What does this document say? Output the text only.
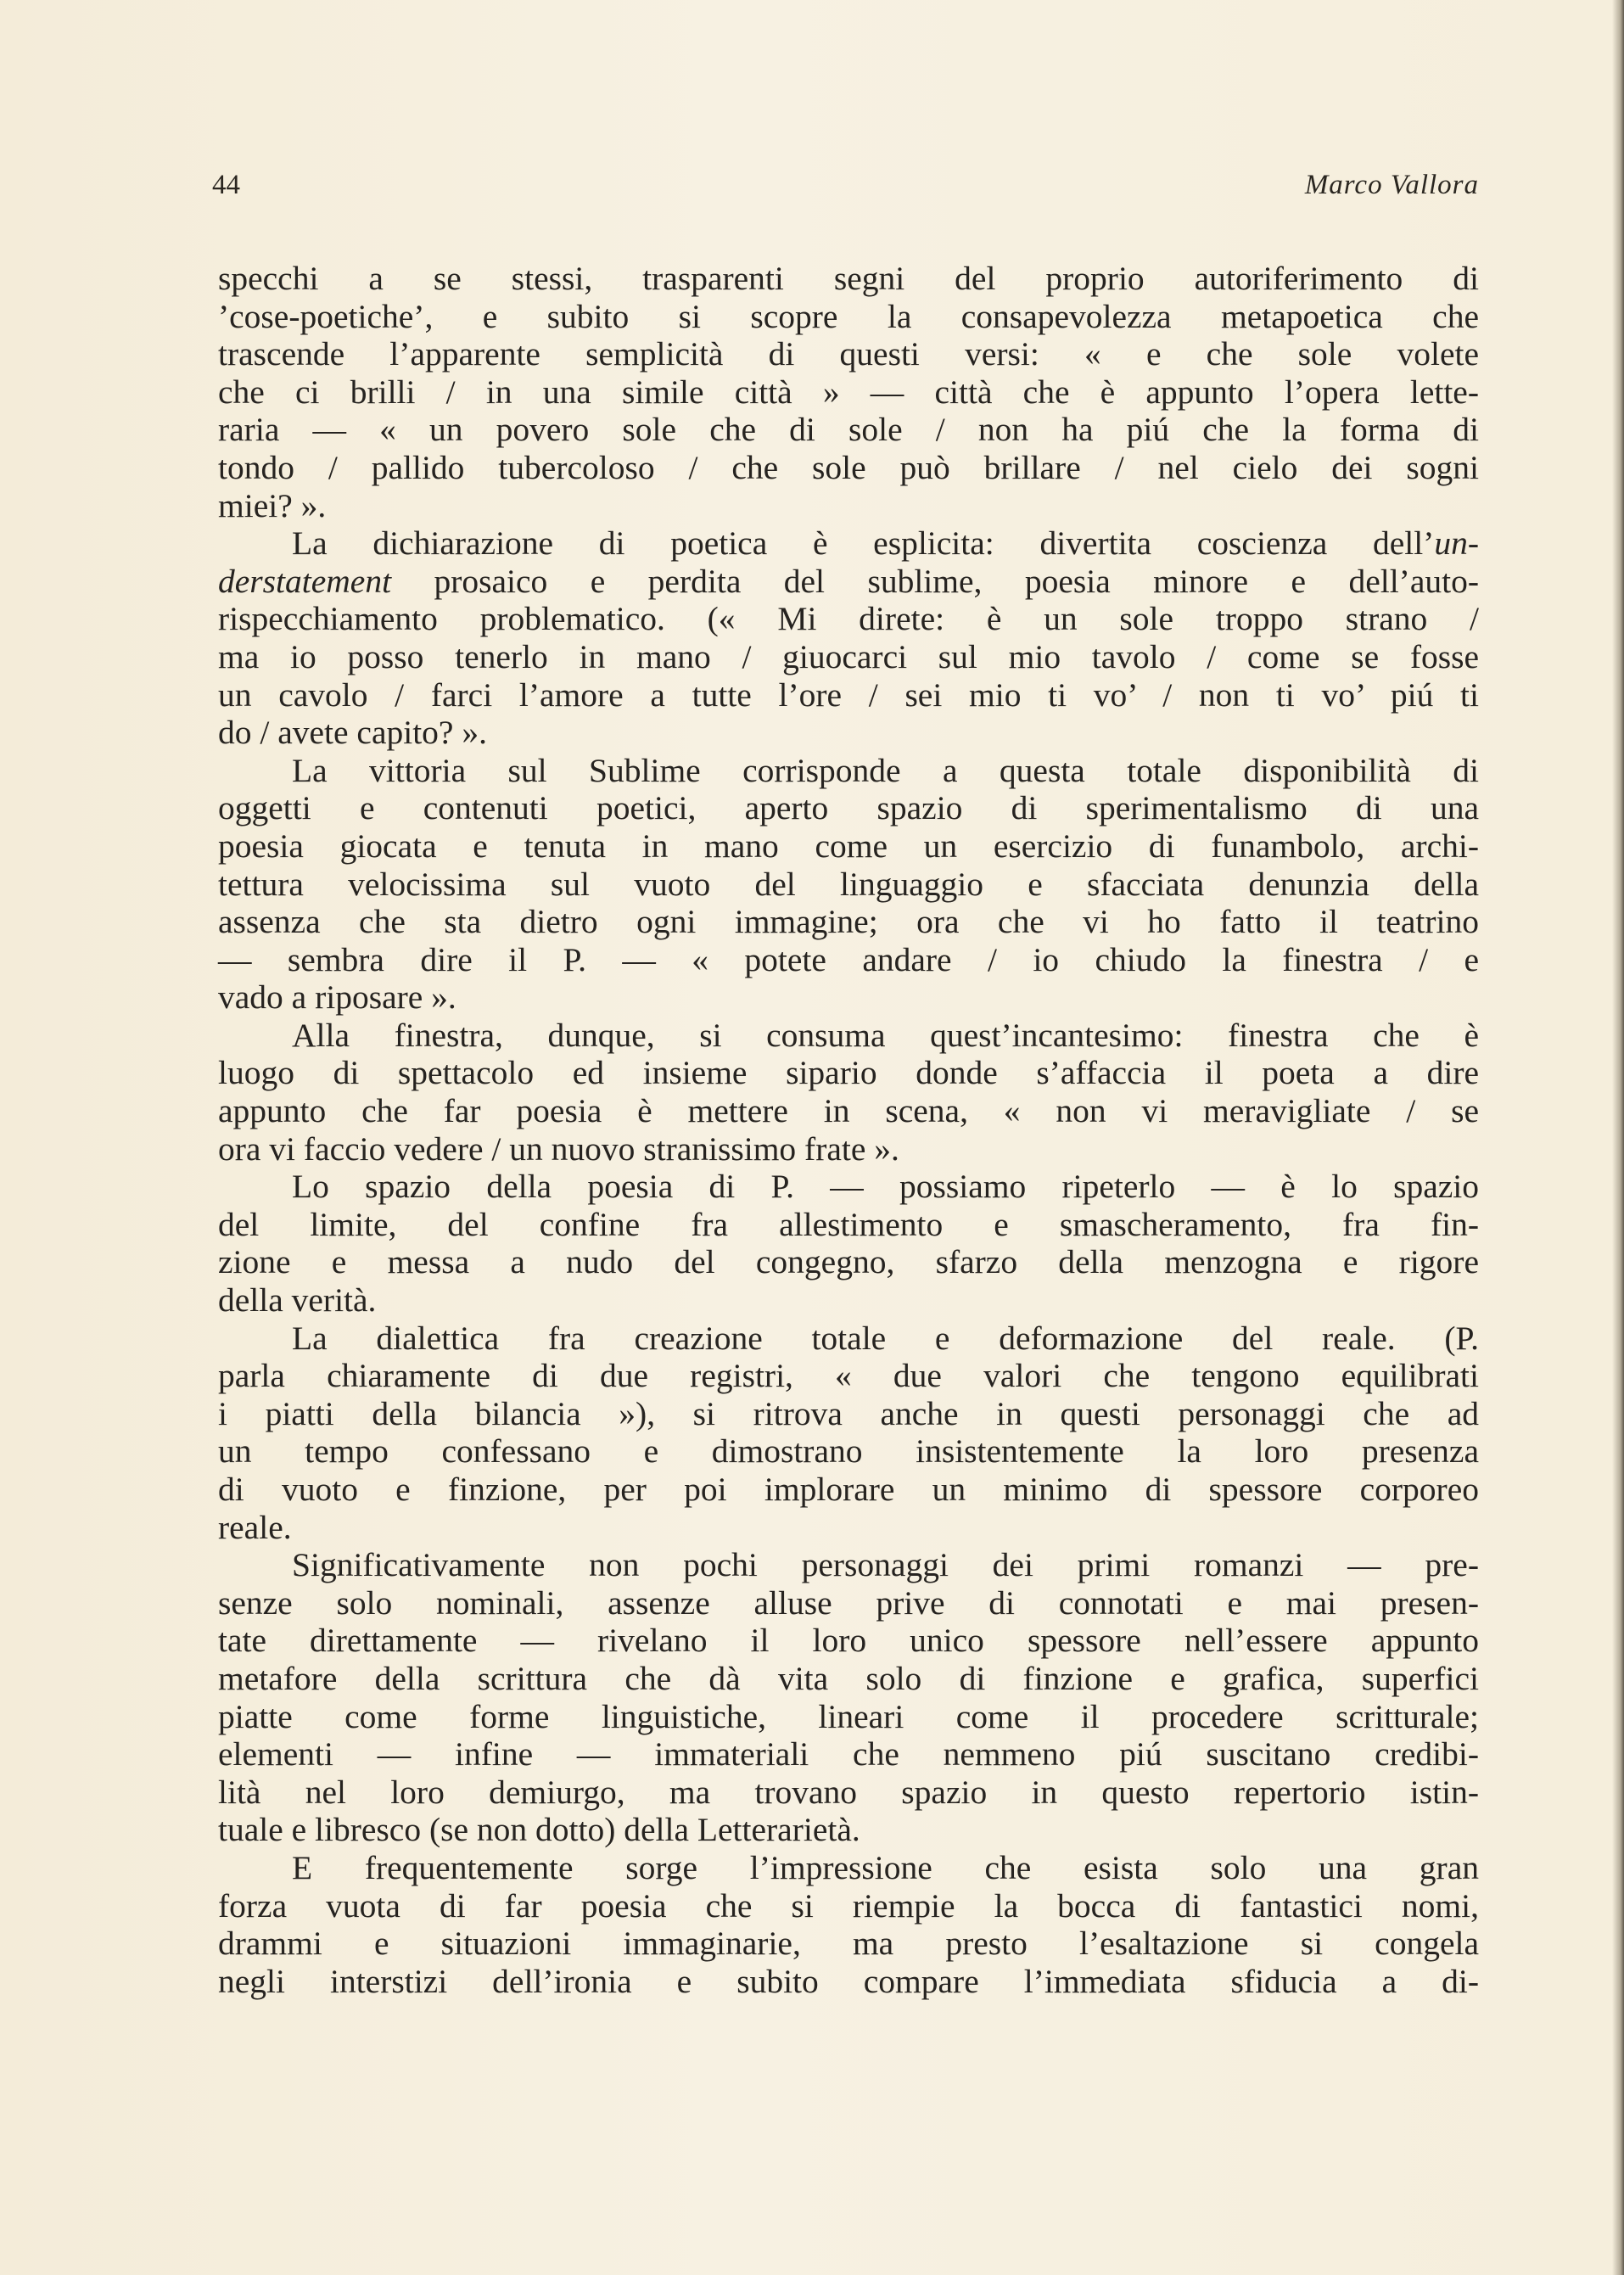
44	Marco Vallora
specchi a se stessi, trasparenti segni del proprio autoriferimento di
’cose-poetiche’, e subito si scopre la consapevolezza metapoetica che
trascende l’apparente semplicità di questi versi: « e che sole volete
che ci brilli / in una simile città » — città che è appunto l’opera lette-
raria — « un povero sole che di sole / non ha piú che la forma di
tondo / pallido tubercoloso / che sole può brillare / nel cielo dei sogni
miei? ».
La dichiarazione di poetica è esplicita: divertita coscienza dell’un-
derstatement prosaico e perdita del sublime, poesia minore e dell’auto-
rispecchiamento problematico. (« Mi direte: è un sole troppo strano /
ma io posso tenerlo in mano / giuocarci sul mio tavolo / come se fosse
un cavolo / farci l’amore a tutte l’ore / sei mio ti vo’ / non ti vo’ piú ti
do / avete capito? ».
La vittoria sul Sublime corrisponde a questa totale disponibilità di
oggetti e contenuti poetici, aperto spazio di sperimentalismo di una
poesia giocata e tenuta in mano come un esercizio di funambolo, archi-
tettura velocissima sul vuoto del linguaggio e sfacciata denunzia della
assenza che sta dietro ogni immagine; ora che vi ho fatto il teatrino
— sembra dire il P. — « potete andare / io chiudo la finestra / e
vado a riposare ».
Alla finestra, dunque, si consuma quest’incantesimo: finestra che è
luogo di spettacolo ed insieme sipario donde s’affaccia il poeta a dire
appunto che far poesia è mettere in scena, « non vi meravigliate / se
ora vi faccio vedere / un nuovo stranissimo frate ».
Lo spazio della poesia di P. — possiamo ripeterlo — è lo spazio
del limite, del confine fra allestimento e smascheramento, fra fin-
zione e messa a nudo del congegno, sfarzo della menzogna e rigore
della verità.
La dialettica fra creazione totale e deformazione del reale. (P.
parla chiaramente di due registri, « due valori che tengono equilibrati
i piatti della bilancia »), si ritrova anche in questi personaggi che ad
un tempo confessano e dimostrano insistentemente la loro presenza
di vuoto e finzione, per poi implorare un minimo di spessore corporeo
reale.
Significativamente non pochi personaggi dei primi romanzi — pre-
senze solo nominali, assenze alluse prive di connotati e mai presen-
tate direttamente — rivelano il loro unico spessore nell’essere appunto
metafore della scrittura che dà vita solo di finzione e grafica, superfici
piatte come forme linguistiche, lineari come il procedere scritturale;
elementi — infine — immateriali che nemmeno piú suscitano credibi-
lità nel loro demiurgo, ma trovano spazio in questo repertorio istin-
tuale e libresco (se non dotto) della Letterarietà.
E frequentemente sorge l’impressione che esista solo una gran
forza vuota di far poesia che si riempie la bocca di fantastici nomi,
drammi e situazioni immaginarie, ma presto l’esaltazione si congela
negli interstizi dell’ironia e subito compare l’immediata sfiducia a di-
